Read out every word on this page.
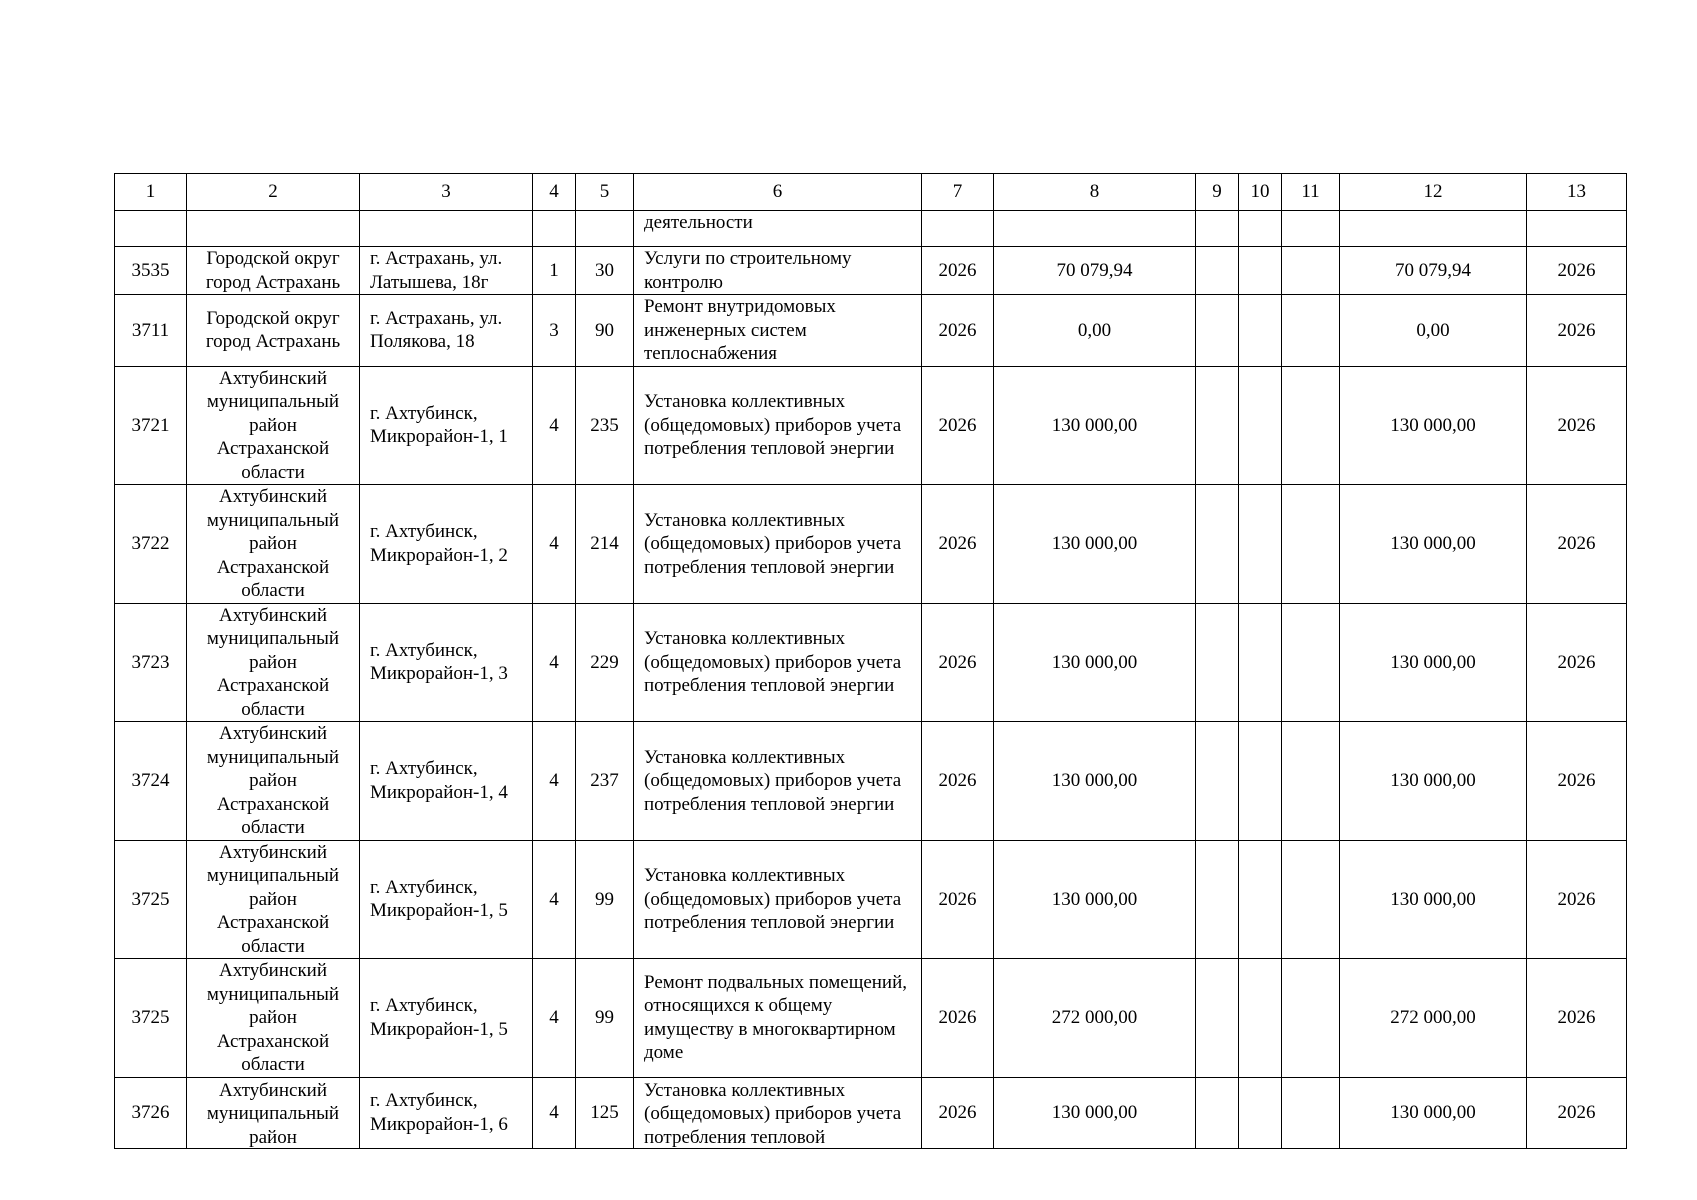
1	2	3	4	5	6	7	8	9	10	11	12	13
					деятельности							
3535	Городской округ город Астрахань	г. Астрахань, ул. Латышева, 18г	1	30	Услуги по строительному контролю	2026	70 079,94				70 079,94	2026
3711	Городской округ город Астрахань	г. Астрахань, ул. Полякова, 18	3	90	Ремонт внутридомовых инженерных систем теплоснабжения	2026	0,00				0,00	2026
3721	Ахтубинский муниципальный район Астраханской области	г. Ахтубинск, Микрорайон-1, 1	4	235	Установка коллективных (общедомовых) приборов учета потребления тепловой энергии	2026	130 000,00				130 000,00	2026
3722	Ахтубинский муниципальный район Астраханской области	г. Ахтубинск, Микрорайон-1, 2	4	214	Установка коллективных (общедомовых) приборов учета потребления тепловой энергии	2026	130 000,00				130 000,00	2026
3723	Ахтубинский муниципальный район Астраханской области	г. Ахтубинск, Микрорайон-1, 3	4	229	Установка коллективных (общедомовых) приборов учета потребления тепловой энергии	2026	130 000,00				130 000,00	2026
3724	Ахтубинский муниципальный район Астраханской области	г. Ахтубинск, Микрорайон-1, 4	4	237	Установка коллективных (общедомовых) приборов учета потребления тепловой энергии	2026	130 000,00				130 000,00	2026
3725	Ахтубинский муниципальный район Астраханской области	г. Ахтубинск, Микрорайон-1, 5	4	99	Установка коллективных (общедомовых) приборов учета потребления тепловой энергии	2026	130 000,00				130 000,00	2026
3725	Ахтубинский муниципальный район Астраханской области	г. Ахтубинск, Микрорайон-1, 5	4	99	Ремонт подвальных помещений, относящихся к общему имуществу в многоквартирном доме	2026	272 000,00				272 000,00	2026

3726	Ахтубинский муниципальный район	г. Ахтубинск, Микрорайон-1, 6	4	125	Установка коллективных (общедомовых) приборов учета потребления тепловой	2026	130 000,00				130 000,00	2026
